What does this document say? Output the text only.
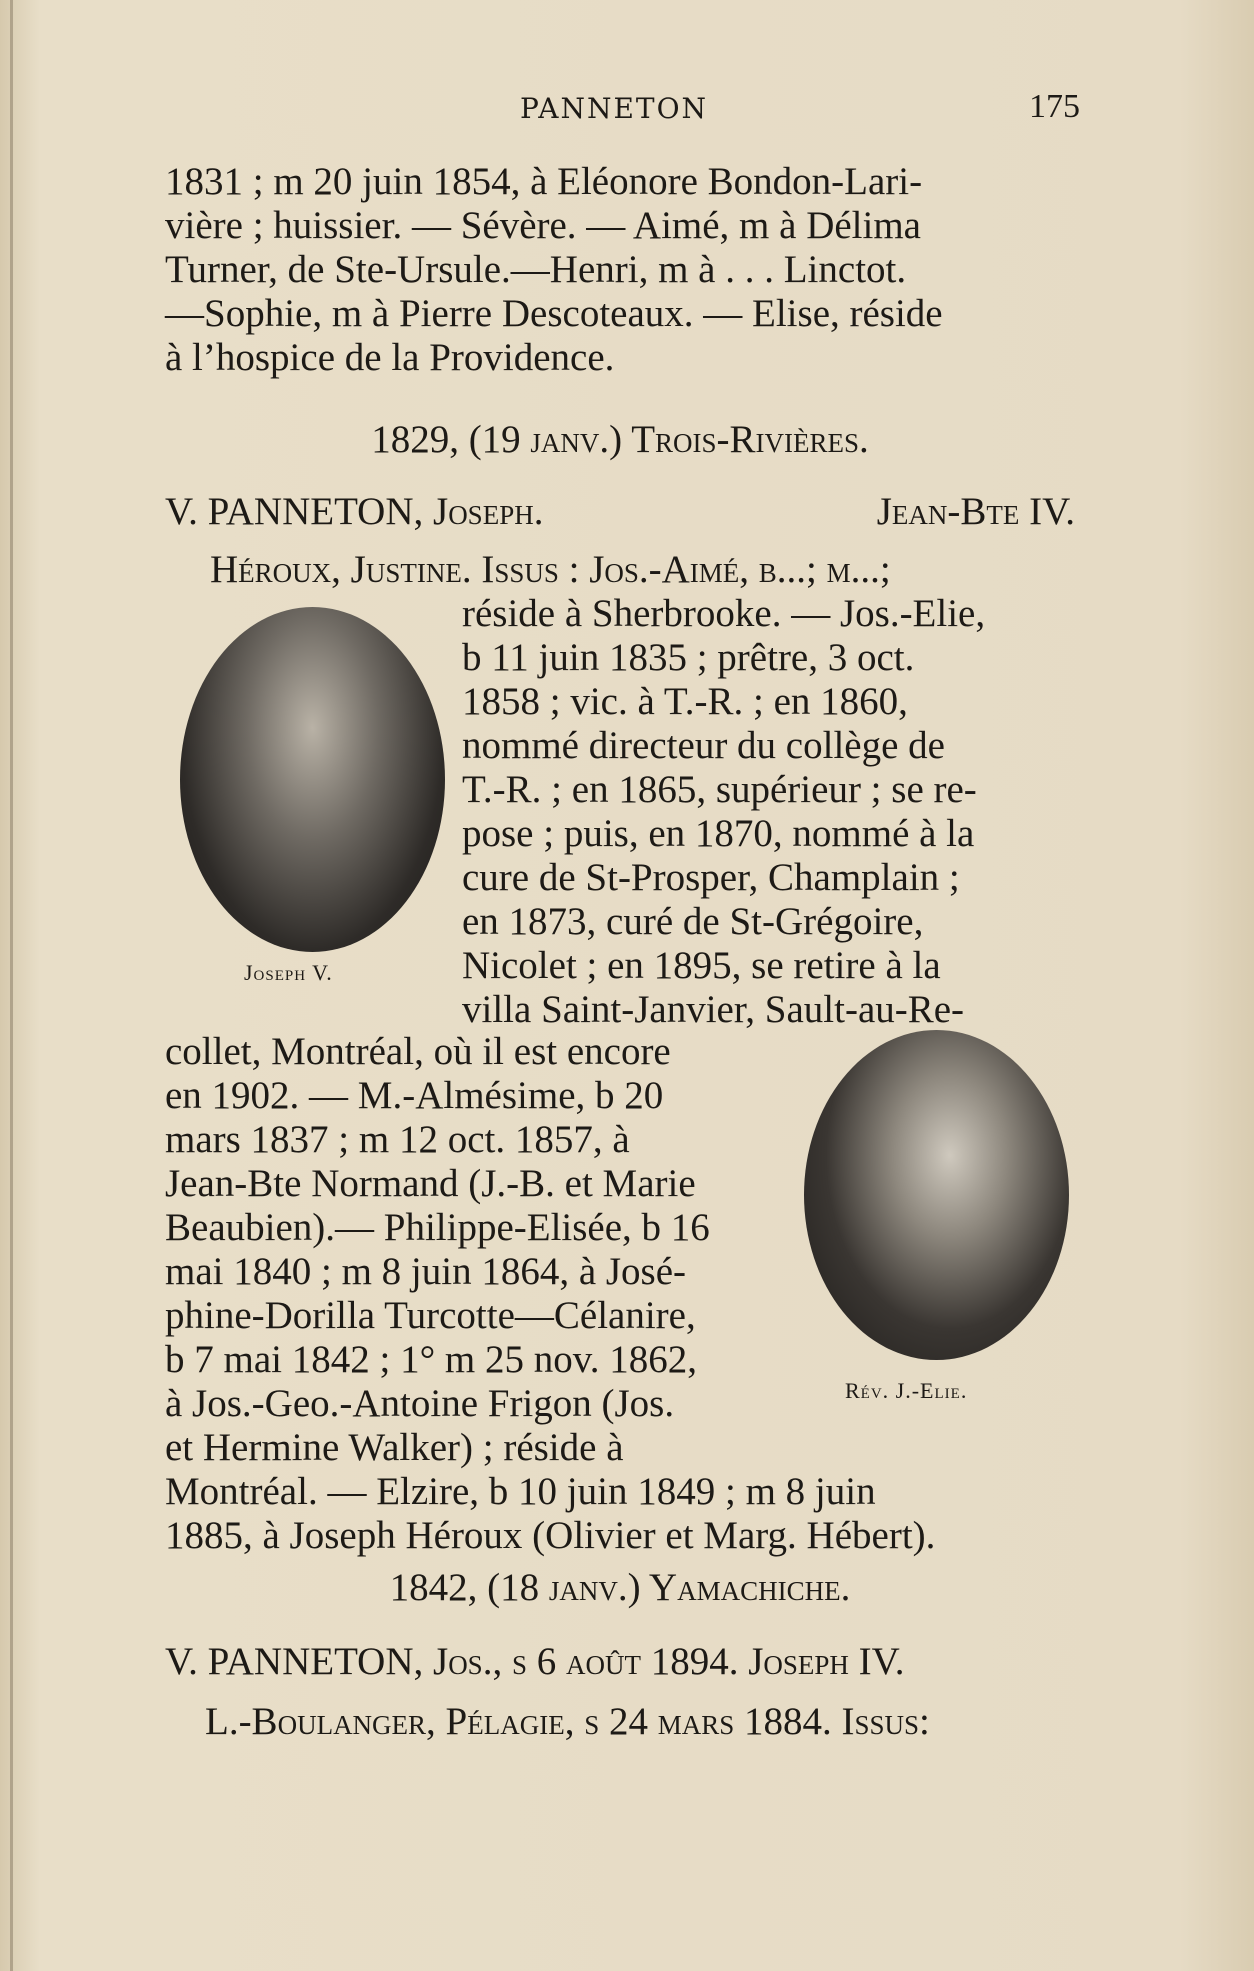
PANNETON	175
1831 ; m 20 juin 1854, à Eléonore Bondon-Lari-
vière ; huissier. — Sévère. — Aimé, m à Délima
Turner, de Ste-Ursule.—Henri, m à . . . Linctot.
—Sophie, m à Pierre Descoteaux. — Elise, réside
à l’hospice de la Providence.
1829, (19 janv.) Trois-Rivières.
V. PANNETON, Joseph.	Jean-Bte IV.
Héroux, Justine. Issus : Jos.-Aimé, b...; m...;
Joseph V.
réside à Sherbrooke. — Jos.-Elie,
b 11 juin 1835 ; prêtre, 3 oct.
1858 ; vic. à T.-R. ; en 1860,
nommé directeur du collège de
T.-R. ; en 1865, supérieur ; se re-
pose ; puis, en 1870, nommé à la
cure de St-Prosper, Champlain ;
en 1873, curé de St-Grégoire,
Nicolet ; en 1895, se retire à la
villa Saint-Janvier, Sault-au-Re-
Rév. J.-Elie.
collet, Montréal, où il est encore
en 1902. — M.-Almésime, b 20
mars 1837 ; m 12 oct. 1857, à
Jean-Bte Normand (J.-B. et Marie
Beaubien).— Philippe-Elisée, b 16
mai 1840 ; m 8 juin 1864, à José-
phine-Dorilla Turcotte—Célanire,
b 7 mai 1842 ; 1° m 25 nov. 1862,
à Jos.-Geo.-Antoine Frigon (Jos.
et Hermine Walker) ; réside à
Montréal. — Elzire, b 10 juin 1849 ; m 8 juin
1885, à Joseph Héroux (Olivier et Marg. Hébert).
1842, (18 janv.) Yamachiche.
V. PANNETON, Jos., s 6 août 1894. Joseph IV.
L.-Boulanger, Pélagie, s 24 mars 1884. Issus:
